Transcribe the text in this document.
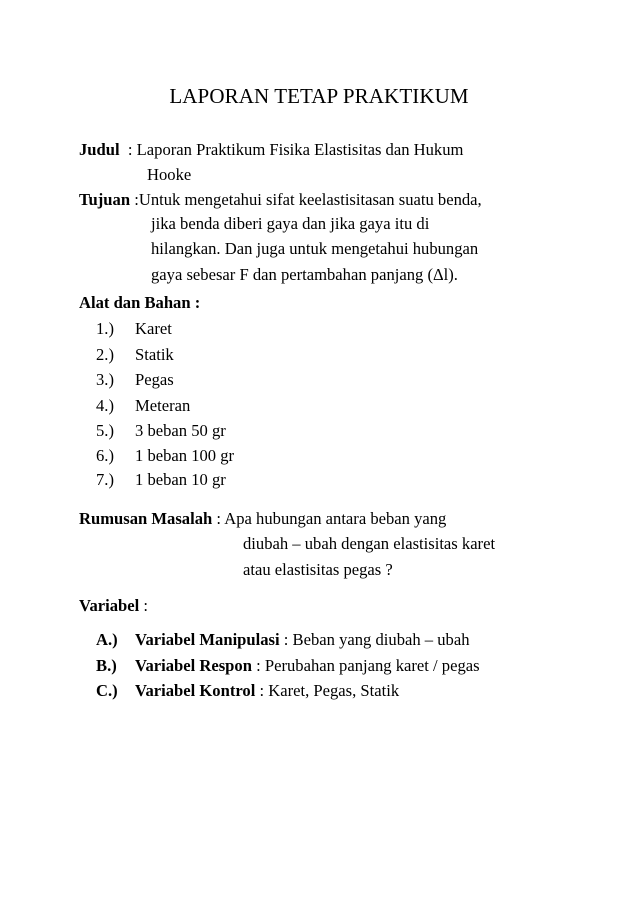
LAPORAN TETAP PRAKTIKUM
Judul : Laporan Praktikum Fisika Elastisitas dan Hukum
Hooke
Tujuan :Untuk mengetahui sifat keelastisitasan suatu benda,
jika benda diberi gaya dan jika gaya itu di
hilangkan. Dan juga untuk mengetahui hubungan
gaya sebesar F dan pertambahan panjang (Δl).
Alat dan Bahan :
1.) Karet
2.) Statik
3.) Pegas
4.) Meteran
5.) 3 beban 50 gr
6.) 1 beban 100 gr
7.) 1 beban 10 gr
Rumusan Masalah : Apa hubungan antara beban yang
diubah – ubah dengan elastisitas karet
atau elastisitas pegas ?
Variabel :
A.) Variabel Manipulasi : Beban yang diubah – ubah
B.) Variabel Respon : Perubahan panjang karet / pegas
C.) Variabel Kontrol : Karet, Pegas, Statik
